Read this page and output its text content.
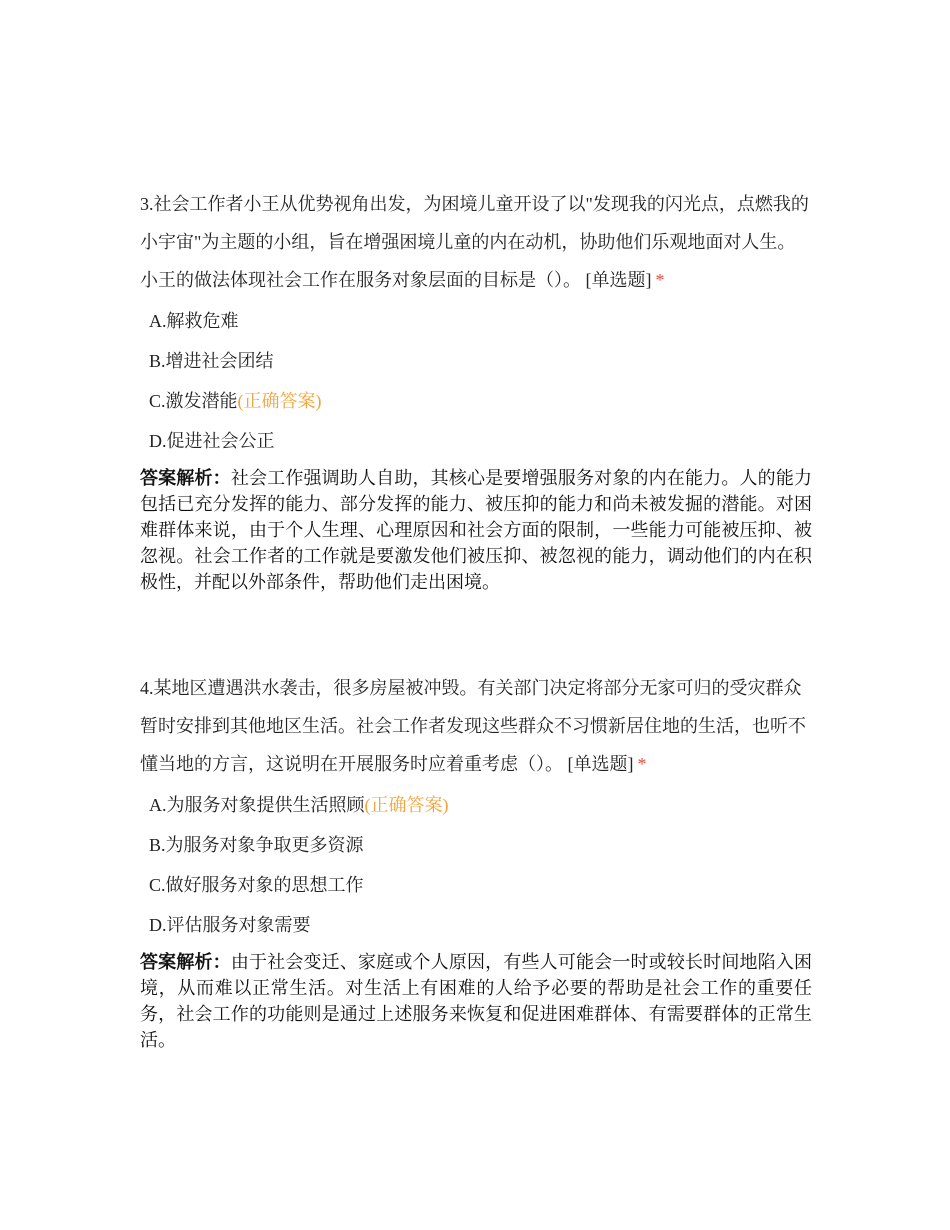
3.社会工作者小王从优势视角出发，为困境儿童开设了以"发现我的闪光点，点燃我的小宇宙"为主题的小组，旨在增强困境儿童的内在动机，协助他们乐观地面对人生。小王的做法体现社会工作在服务对象层面的目标是（）。 [单选题] *

A.解救危难
B.增进社会团结
C.激发潜能(正确答案)
D.促进社会公正

答案解析：社会工作强调助人自助，其核心是要增强服务对象的内在能力。人的能力包括已充分发挥的能力、部分发挥的能力、被压抑的能力和尚未被发掘的潜能。对困难群体来说，由于个人生理、心理原因和社会方面的限制，一些能力可能被压抑、被忽视。社会工作者的工作就是要激发他们被压抑、被忽视的能力，调动他们的内在积极性，并配以外部条件，帮助他们走出困境。

4.某地区遭遇洪水袭击，很多房屋被冲毁。有关部门决定将部分无家可归的受灾群众暂时安排到其他地区生活。社会工作者发现这些群众不习惯新居住地的生活，也听不懂当地的方言，这说明在开展服务时应着重考虑（）。 [单选题] *

A.为服务对象提供生活照顾(正确答案)
B.为服务对象争取更多资源
C.做好服务对象的思想工作
D.评估服务对象需要

答案解析：由于社会变迁、家庭或个人原因，有些人可能会一时或较长时间地陷入困境，从而难以正常生活。对生活上有困难的人给予必要的帮助是社会工作的重要任务，社会工作的功能则是通过上述服务来恢复和促进困难群体、有需要群体的正常生活。
